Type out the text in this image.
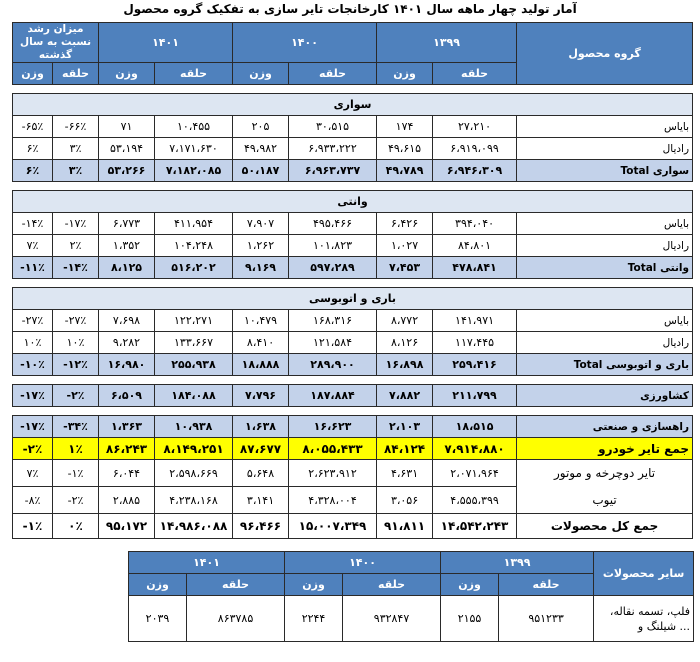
آمار تولید چهار ماهه سال ۱۴۰۱ کارخانجات تایر سازی به تفکیک گروه محصول
میزان رشد نسبت به سال گذشته		۱۴۰۱		۱۴۰۰		۱۳۹۹		گروه محصول
وزن	حلقه	وزن	حلقه	وزن	حلقه	وزن	حلقه	

سواری								
-۶۵٪	-۶۶٪	۷۱	۱۰،۴۵۵	۲۰۵	۳۰،۵۱۵	۱۷۴	۲۷،۲۱۰	بایاس
۶٪	۳٪	۵۳،۱۹۴	۷،۱۷۱،۶۳۰	۴۹،۹۸۲	۶،۹۳۳،۲۲۲	۴۹،۶۱۵	۶،۹۱۹،۰۹۹	رادیال
۶٪	۳٪	۵۳،۲۶۶	۷،۱۸۲،۰۸۵	۵۰،۱۸۷	۶،۹۶۳،۷۳۷	۴۹،۷۸۹	۶،۹۴۶،۳۰۹	Total سواری

وانتی								
-۱۴٪	-۱۷٪	۶،۷۷۳	۴۱۱،۹۵۴	۷،۹۰۷	۴۹۵،۴۶۶	۶،۴۲۶	۳۹۴،۰۴۰	بایاس
۷٪	۲٪	۱،۳۵۲	۱۰۴،۲۴۸	۱،۲۶۲	۱۰۱،۸۲۳	۱،۰۲۷	۸۴،۸۰۱	رادیال
-۱۱٪	-۱۴٪	۸،۱۲۵	۵۱۶،۲۰۲	۹،۱۶۹	۵۹۷،۲۸۹	۷،۴۵۳	۴۷۸،۸۴۱	Total وانتی

باری و اتوبوسی								
-۲۷٪	-۲۷٪	۷،۶۹۸	۱۲۲،۲۷۱	۱۰،۴۷۹	۱۶۸،۳۱۶	۸،۷۷۲	۱۴۱،۹۷۱	بایاس
۱۰٪	۱۰٪	۹،۲۸۲	۱۳۳،۶۶۷	۸،۴۱۰	۱۲۱،۵۸۴	۸،۱۲۶	۱۱۷،۴۴۵	رادیال
-۱۰٪	-۱۲٪	۱۶،۹۸۰	۲۵۵،۹۳۸	۱۸،۸۸۸	۲۸۹،۹۰۰	۱۶،۸۹۸	۲۵۹،۴۱۶	Total باری و اتوبوسی

-۱۷٪	-۲٪	۶،۵۰۹	۱۸۴،۰۸۸	۷،۷۹۶	۱۸۷،۸۸۴	۷،۸۸۲	۲۱۱،۷۹۹	کشاورزی

-۱۷٪	-۳۴٪	۱،۳۶۳	۱۰،۹۳۸	۱،۶۳۸	۱۶،۶۲۳	۲،۱۰۳	۱۸،۵۱۵	راهسازی و صنعتی
-۲٪	۱٪	۸۶،۲۴۳	۸،۱۴۹،۲۵۱	۸۷،۶۷۷	۸،۰۵۵،۴۳۳	۸۴،۱۲۴	۷،۹۱۴،۸۸۰	جمع تایر خودرو
۷٪	-۱٪	۶،۰۴۴	۲،۵۹۸،۶۶۹	۵،۶۴۸	۲،۶۲۳،۹۱۲	۴،۶۳۱	۲،۰۷۱،۹۶۴	تایر دوچرخه و موتور
-۸٪	-۲٪	۲،۸۸۵	۴،۲۳۸،۱۶۸	۳،۱۴۱	۴،۳۲۸،۰۰۴	۳،۰۵۶	۴،۵۵۵،۳۹۹	تیوب
-۱٪	۰٪	۹۵،۱۷۲	۱۴،۹۸۶،۰۸۸	۹۶،۴۶۶	۱۵،۰۰۷،۳۴۹	۹۱،۸۱۱	۱۴،۵۴۲،۲۴۳	جمع کل محصولات
۱۴۰۱		۱۴۰۰		۱۳۹۹		سایر محصولات
وزن	حلقه	وزن	حلقه	وزن	حلقه	
۲۰۳۹	۸۶۳۷۸۵	۲۲۴۴	۹۳۲۸۴۷	۲۱۵۵	۹۵۱۲۳۳	فلپ، تسمه نقاله، شیلنگ و ...
